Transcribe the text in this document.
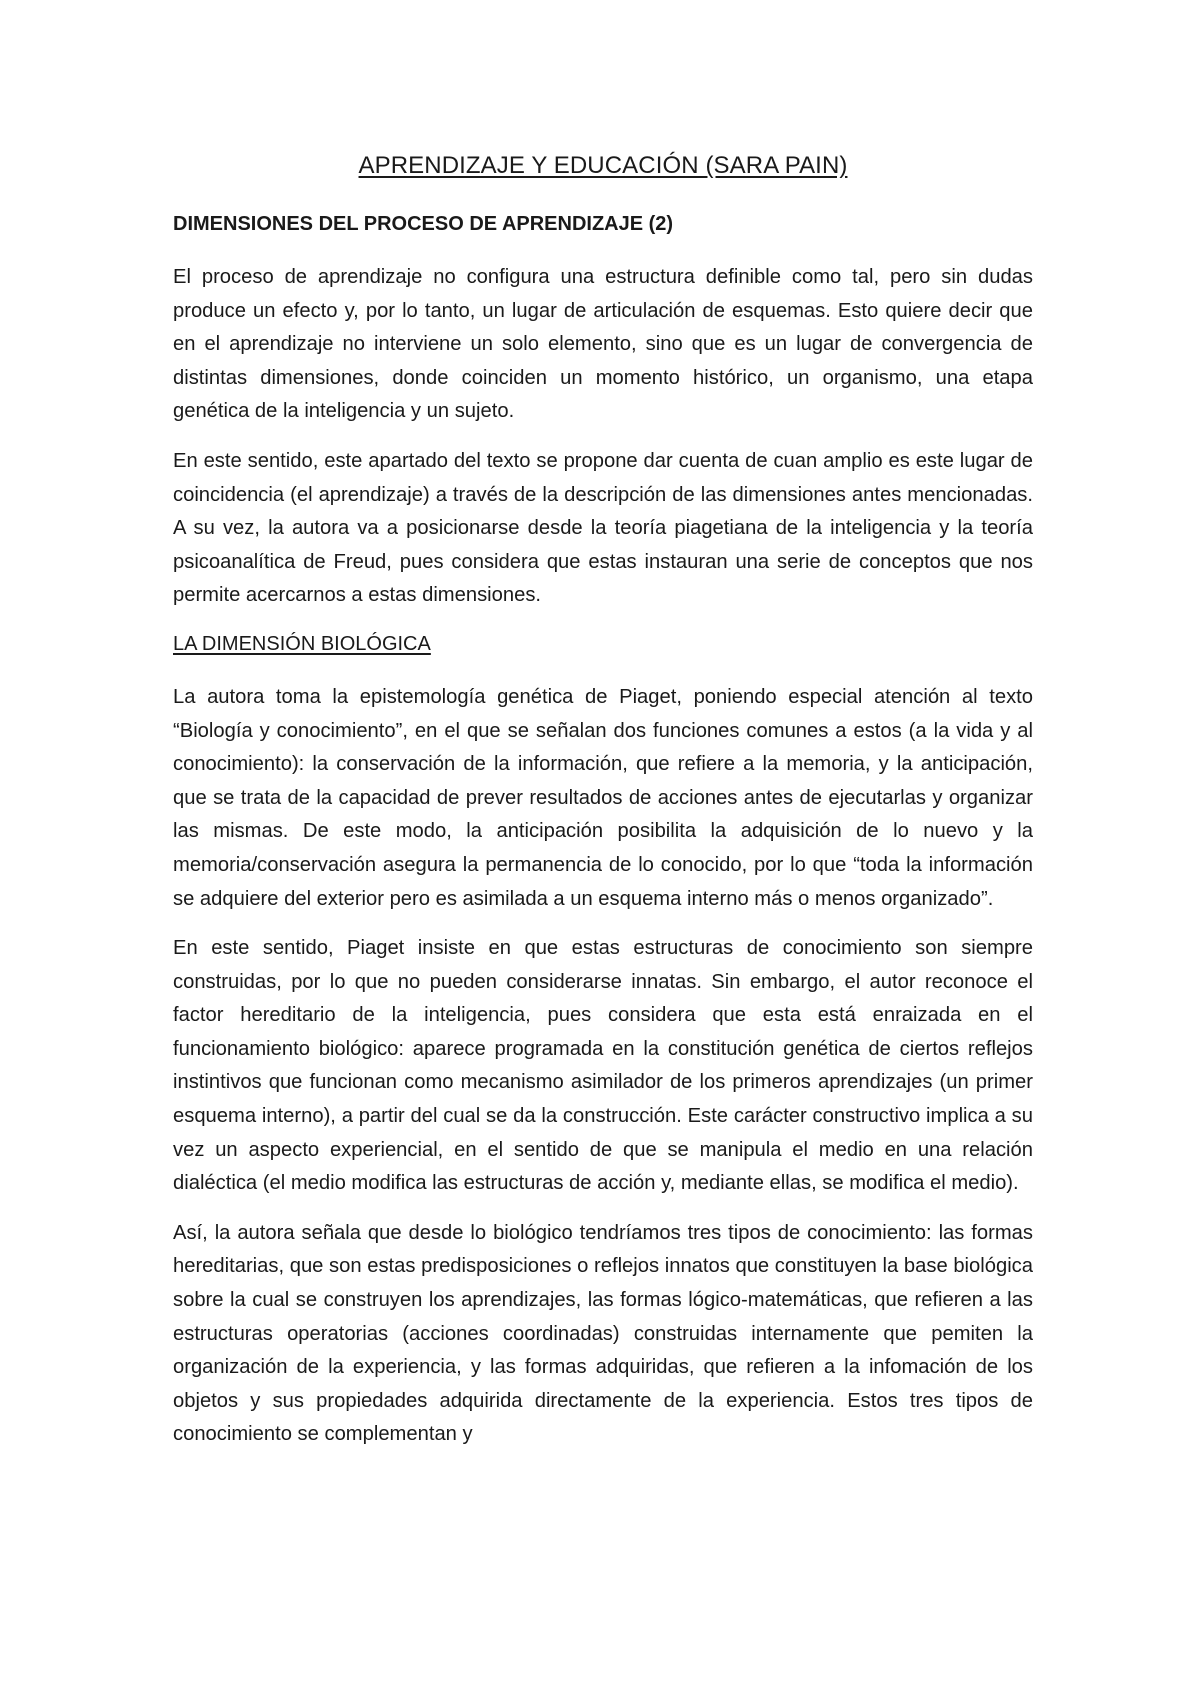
APRENDIZAJE Y EDUCACIÓN (SARA PAIN)
DIMENSIONES DEL PROCESO DE APRENDIZAJE (2)

El proceso de aprendizaje no configura una estructura definible como tal, pero sin dudas produce un efecto y, por lo tanto, un lugar de articulación de esquemas. Esto quiere decir que en el aprendizaje no interviene un solo elemento, sino que es un lugar de convergencia de distintas dimensiones, donde coinciden un momento histórico, un organismo, una etapa genética de la inteligencia y un sujeto.

En este sentido, este apartado del texto se propone dar cuenta de cuan amplio es este lugar de coincidencia (el aprendizaje) a través de la descripción de las dimensiones antes mencionadas. A su vez, la autora va a posicionarse desde la teoría piagetiana de la inteligencia y la teoría psicoanalítica de Freud, pues considera que estas instauran una serie de conceptos que nos permite acercarnos a estas dimensiones.

LA DIMENSIÓN BIOLÓGICA

La autora toma la epistemología genética de Piaget, poniendo especial atención al texto “Biología y conocimiento”, en el que se señalan dos funciones comunes a estos (a la vida y al conocimiento): la conservación de la información, que refiere a la memoria, y la anticipación, que se trata de la capacidad de prever resultados de acciones antes de ejecutarlas y organizar las mismas. De este modo, la anticipación posibilita la adquisición de lo nuevo y la memoria/conservación asegura la permanencia de lo conocido, por lo que “toda la información se adquiere del exterior pero es asimilada a un esquema interno más o menos organizado”.

En este sentido, Piaget insiste en que estas estructuras de conocimiento son siempre construidas, por lo que no pueden considerarse innatas. Sin embargo, el autor reconoce el factor hereditario de la inteligencia, pues considera que esta está enraizada en el funcionamiento biológico: aparece programada en la constitución genética de ciertos reflejos instintivos que funcionan como mecanismo asimilador de los primeros aprendizajes (un primer esquema interno), a partir del cual se da la construcción. Este carácter constructivo implica a su vez un aspecto experiencial, en el sentido de que se manipula el medio en una relación dialéctica (el medio modifica las estructuras de acción y, mediante ellas, se modifica el medio).

Así, la autora señala que desde lo biológico tendríamos tres tipos de conocimiento: las formas hereditarias, que son estas predisposiciones o reflejos innatos que constituyen la base biológica sobre la cual se construyen los aprendizajes, las formas lógico-matemáticas, que refieren a las estructuras operatorias (acciones coordinadas) construidas internamente que pemiten la organización de la experiencia, y las formas adquiridas, que refieren a la infomación de los objetos y sus propiedades adquirida directamente de la experiencia. Estos tres tipos de conocimiento se complementan y
